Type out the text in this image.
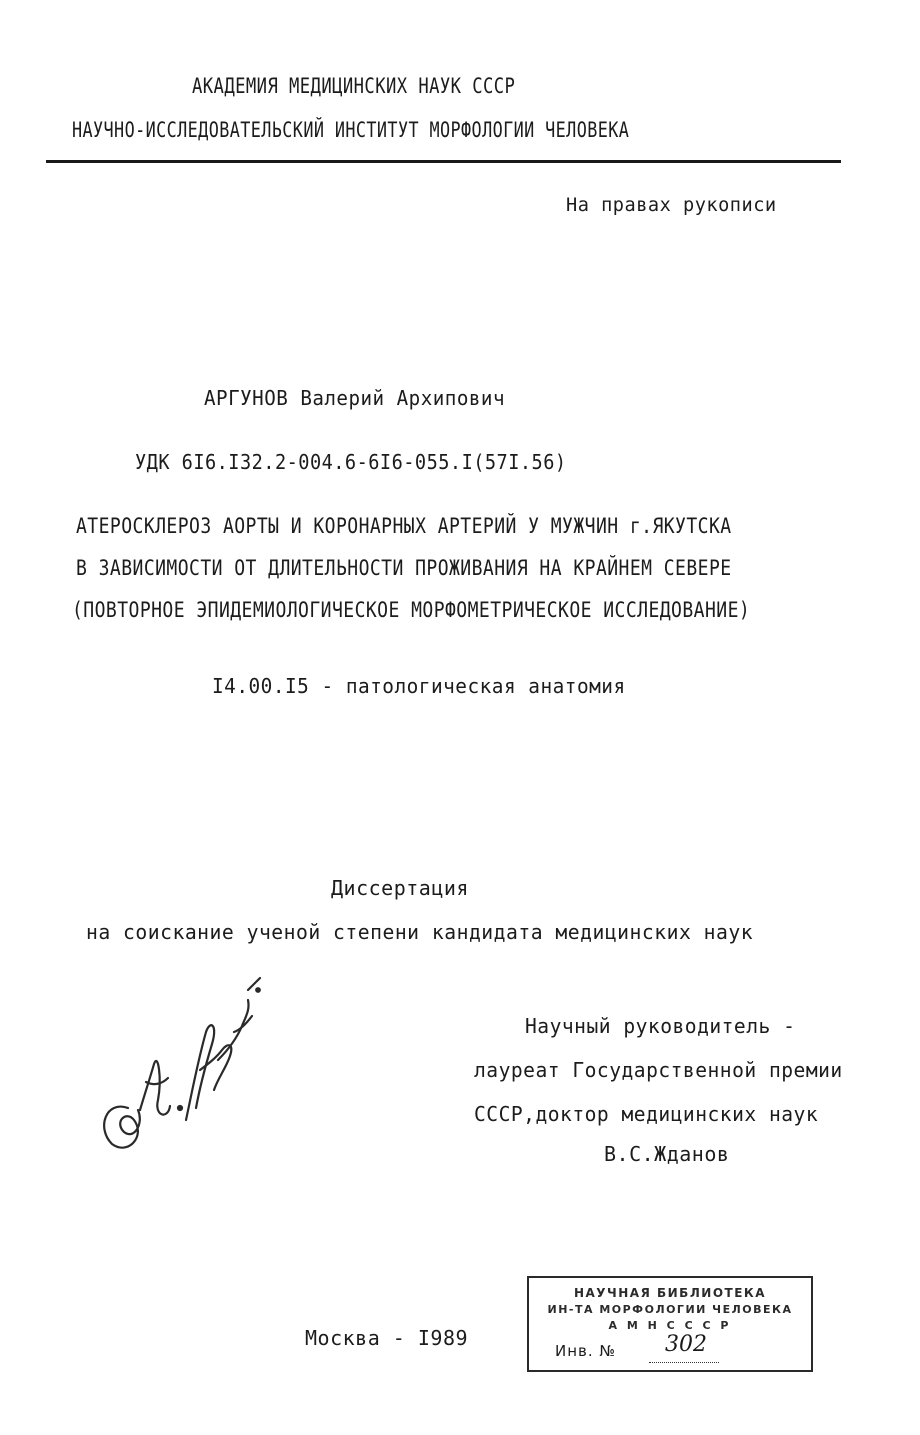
АКАДЕМИЯ МЕДИЦИНСКИХ НАУК СССР
НАУЧНО-ИССЛЕДОВАТЕЛЬСКИЙ ИНСТИТУТ МОРФОЛОГИИ ЧЕЛОВЕКА
На правах рукописи
АРГУНОВ Валерий Архипович
УДК 6I6.I32.2-004.6-6I6-055.I(57I.56)
АТЕРОСКЛЕРОЗ АОРТЫ И КОРОНАРНЫХ АРТЕРИЙ У МУЖЧИН г.ЯКУТСКА
В ЗАВИСИМОСТИ ОТ ДЛИТЕЛЬНОСТИ ПРОЖИВАНИЯ НА КРАЙНЕМ СЕВЕРЕ
(ПОВТОРНОЕ ЭПИДЕМИОЛОГИЧЕСКОЕ МОРФОМЕТРИЧЕСКОЕ ИССЛЕДОВАНИЕ)
I4.00.I5 - патологическая анатомия
Диссертация
на соискание ученой степени кандидата медицинских наук
Научный руководитель -
лауреат Государственной премии
СССР,доктор медицинских наук
В.С.Жданов
Москва - I989
НАУЧНАЯ БИБЛИОТЕКА
ИН-ТА МОРФОЛОГИИ ЧЕЛОВЕКА
А М Н С С С Р
Инв. № 302
